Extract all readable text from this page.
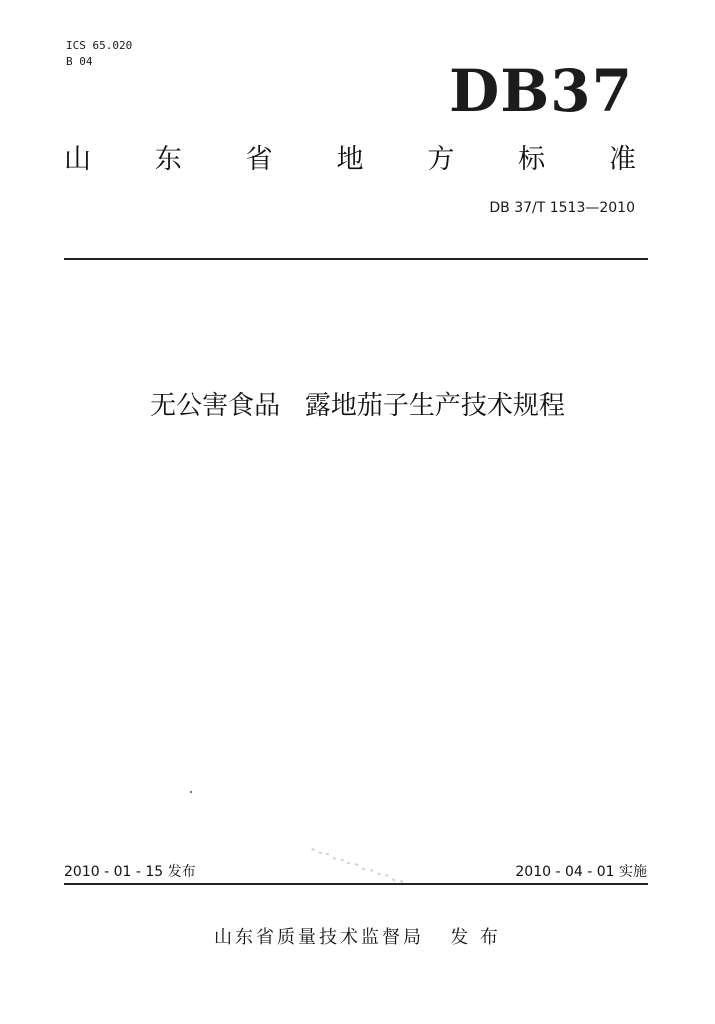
ICS 65.020
B 04	DB37
山 东 省 地 方 标 准
DB 37/T 1513—2010
无公害食品   露地茄子生产技术规程
2010 - 01 - 15 发布	2010 - 04 - 01 实施
山东省质量技术监督局   发 布
